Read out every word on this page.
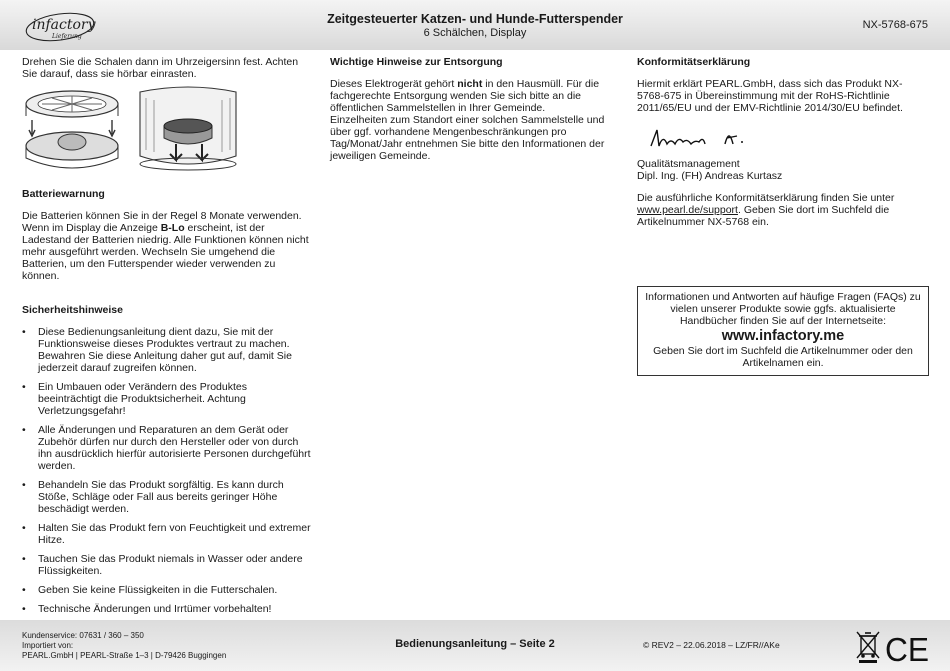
infactory
Lieferung
Zeitgesteuerter Katzen- und Hunde-Futterspender
6 Schälchen, Display
NX-5768-675

Drehen Sie die Schalen dann im Uhrzeigersinn fest. Achten Sie darauf, dass sie hörbar einrasten.

Batteriewarnung

Die Batterien können Sie in der Regel 8 Monate verwenden. Wenn im Display die Anzeige B-Lo erscheint, ist der Ladestand der Batterien niedrig. Alle Funktionen können nicht mehr ausgeführt werden. Wechseln Sie umgehend die Batterien, um den Futterspender wieder verwenden zu können.

Sicherheitshinweise

• Diese Bedienungsanleitung dient dazu, Sie mit der Funktionsweise dieses Produktes vertraut zu machen. Bewahren Sie diese Anleitung daher gut auf, damit Sie jederzeit darauf zugreifen können.
• Ein Umbauen oder Verändern des Produktes beeinträchtigt die Produktsicherheit. Achtung Verletzungsgefahr!
• Alle Änderungen und Reparaturen an dem Gerät oder Zubehör dürfen nur durch den Hersteller oder von durch ihn ausdrücklich hierfür autorisierte Personen durchgeführt werden.
• Behandeln Sie das Produkt sorgfältig. Es kann durch Stöße, Schläge oder Fall aus bereits geringer Höhe beschädigt werden.
• Halten Sie das Produkt fern von Feuchtigkeit und extremer Hitze.
• Tauchen Sie das Produkt niemals in Wasser oder andere Flüssigkeiten.
• Geben Sie keine Flüssigkeiten in die Futterschalen.
• Technische Änderungen und Irrtümer vorbehalten!

Wichtige Hinweise zur Entsorgung

Dieses Elektrogerät gehört nicht in den Hausmüll. Für die fachgerechte Entsorgung wenden Sie sich bitte an die öffentlichen Sammelstellen in Ihrer Gemeinde.

Einzelheiten zum Standort einer solchen Sammelstelle und über ggf. vorhandene Mengenbeschränkungen pro Tag/Monat/Jahr entnehmen Sie bitte den Informationen der jeweiligen Gemeinde.

Konformitätserklärung

Hiermit erklärt PEARL.GmbH, dass sich das Produkt NX-5768-675 in Übereinstimmung mit der RoHS-Richtlinie 2011/65/EU und der EMV-Richtlinie 2014/30/EU befindet.

Qualitätsmanagement

Dipl. Ing. (FH) Andreas Kurtasz

Die ausführliche Konformitätserklärung finden Sie unter www.pearl.de/support. Geben Sie dort im Suchfeld die Artikelnummer NX-5768 ein.

Informationen und Antworten auf häufige Fragen (FAQs) zu vielen unserer Produkte sowie ggfs. aktualisierte Handbücher finden Sie auf der Internetseite:

www.infactory.me

Geben Sie dort im Suchfeld die Artikelnummer oder den Artikelnamen ein.

Kundenservice: 07631 / 360 – 350

Importiert von:

PEARL.GmbH | PEARL-Straße 1–3 | D-79426 Buggingen

Bedienungsanleitung – Seite 2	© REV2 – 22.06.2018 – LZ/FR//AKe	CE
